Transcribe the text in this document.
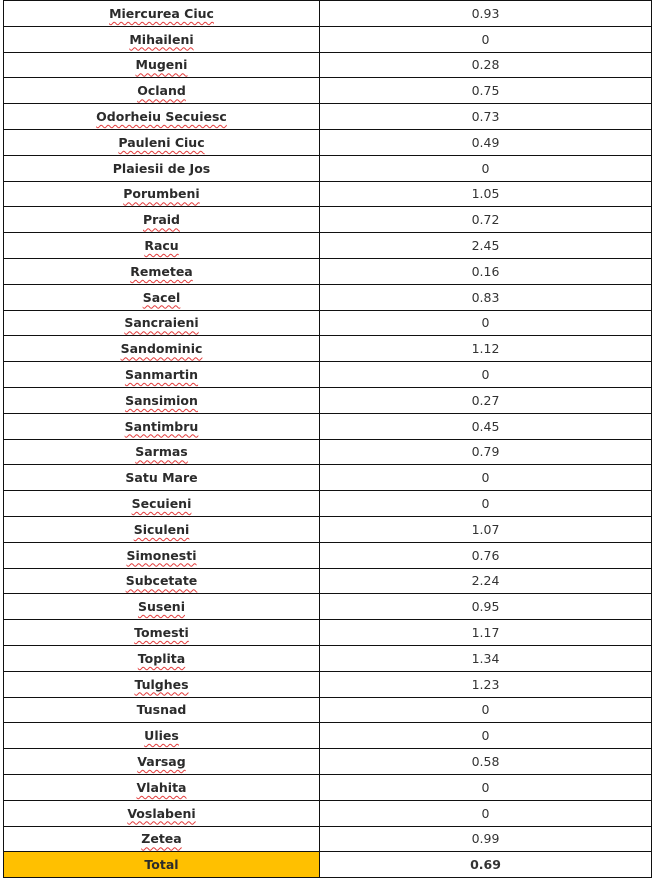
Miercurea Ciuc	0.93
Mihaileni	0
Mugeni	0.28
Ocland	0.75
Odorheiu Secuiesc	0.73
Pauleni Ciuc	0.49
Plaiesii de Jos	0
Porumbeni	1.05
Praid	0.72
Racu	2.45
Remetea	0.16
Sacel	0.83
Sancraieni	0
Sandominic	1.12
Sanmartin	0
Sansimion	0.27
Santimbru	0.45
Sarmas	0.79
Satu Mare	0
Secuieni	0
Siculeni	1.07
Simonesti	0.76
Subcetate	2.24
Suseni	0.95
Tomesti	1.17
Toplita	1.34
Tulghes	1.23
Tusnad	0
Ulies	0
Varsag	0.58
Vlahita	0
Voslabeni	0
Zetea	0.99
Total	0.69
